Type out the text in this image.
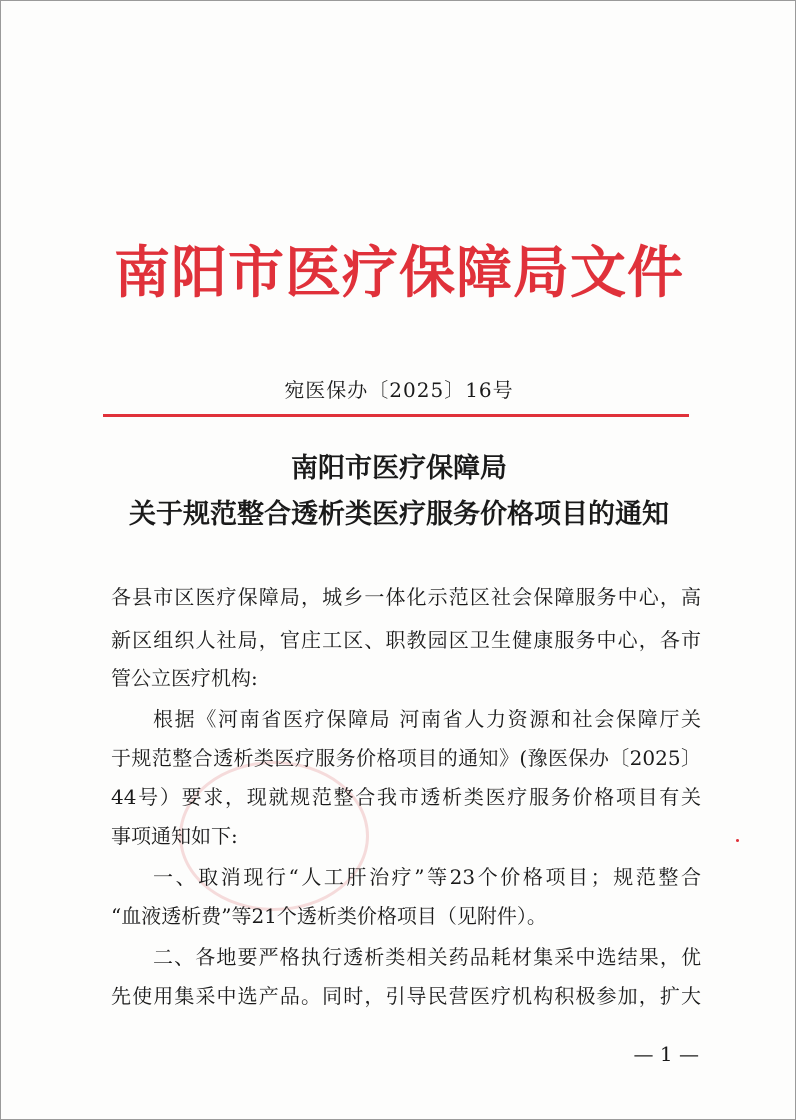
南阳市医疗保障局文件
宛医保办〔2025〕16号
南阳市医疗保障局
关于规范整合透析类医疗服务价格项目的通知
各县市区医疗保障局，城乡一体化示范区社会保障服务中心，高
新区组织人社局，官庄工区、职教园区卫生健康服务中心，各市
管公立医疗机构:
根据《河南省医疗保障局 河南省人力资源和社会保障厅关
于规范整合透析类医疗服务价格项目的通知》(豫医保办〔2025〕
44号）要求，现就规范整合我市透析类医疗服务价格项目有关
事项通知如下:
一、取消现行“人工肝治疗”等23个价格项目；规范整合
“血液透析费”等21个透析类价格项目（见附件）。
二、各地要严格执行透析类相关药品耗材集采中选结果，优
先使用集采中选产品。同时，引导民营医疗机构积极参加，扩大
— 1 —
